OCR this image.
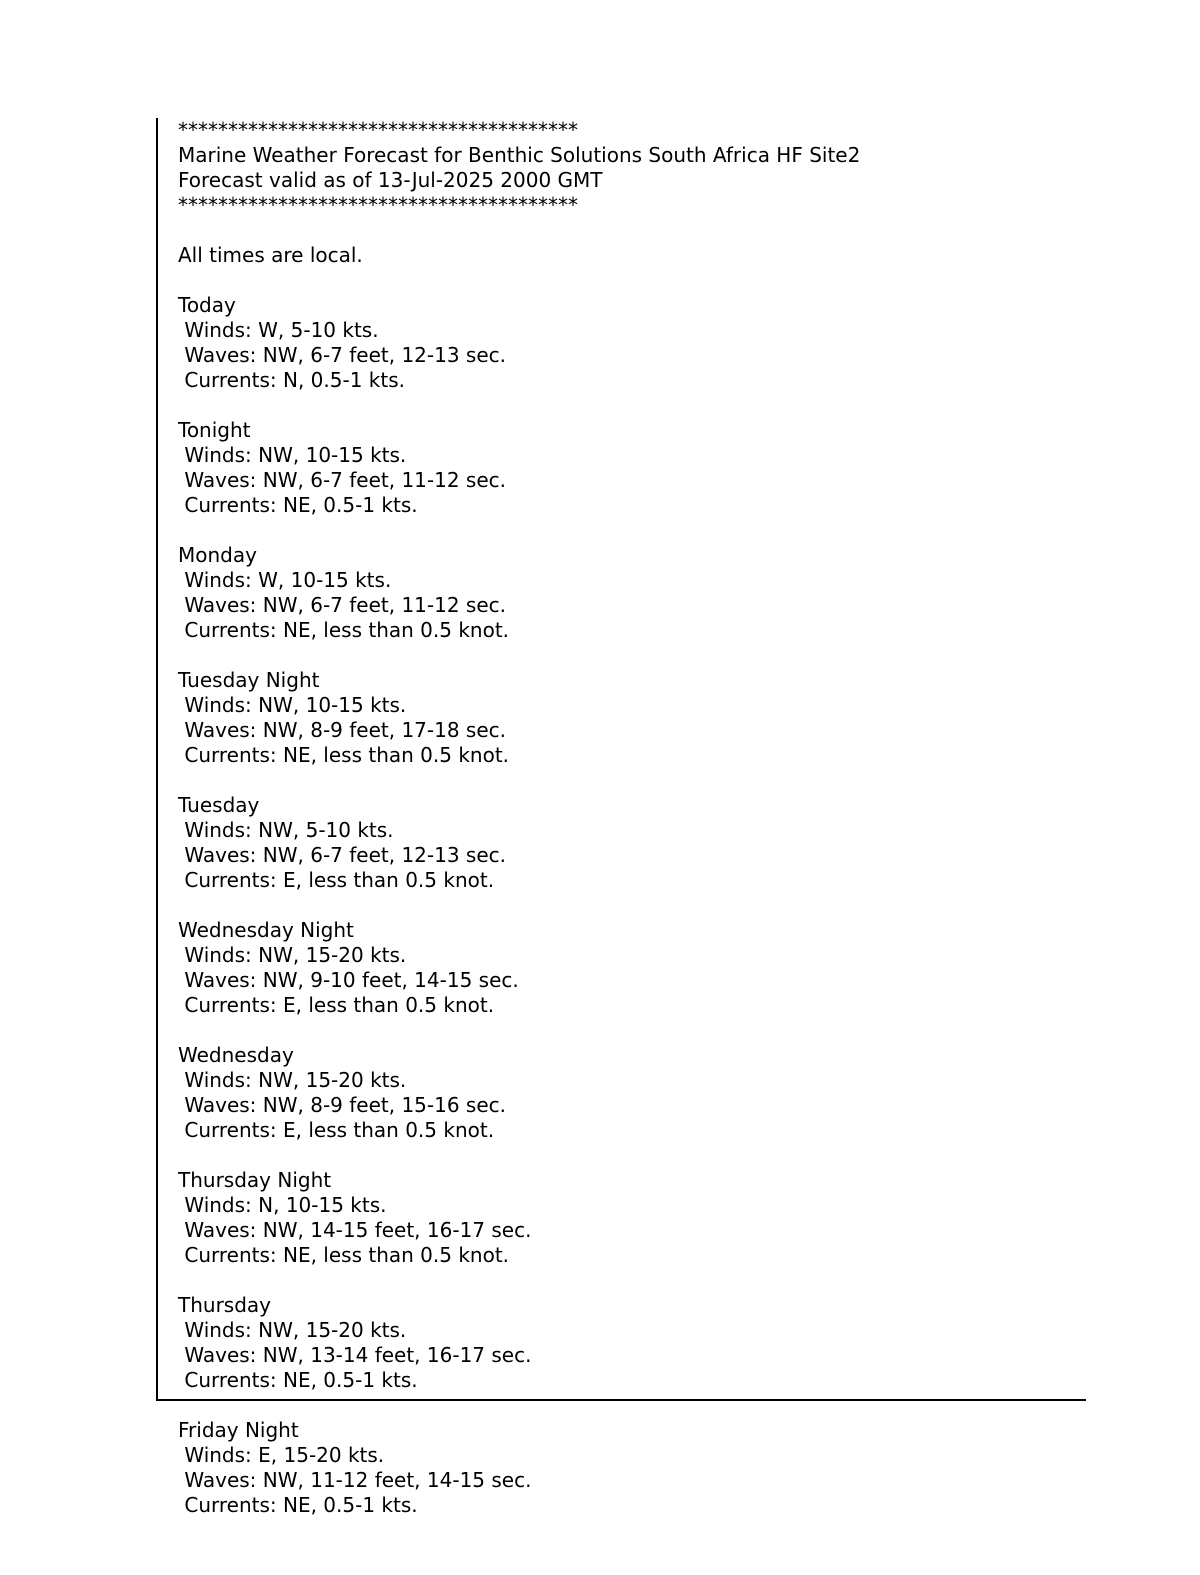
****************************************
Marine Weather Forecast for Benthic Solutions South Africa HF Site2
Forecast valid as of 13-Jul-2025 2000 GMT
****************************************
All times are local.
Today
Winds: W, 5-10 kts.
Waves: NW, 6-7 feet, 12-13 sec.
Currents: N, 0.5-1 kts.
Tonight
Winds: NW, 10-15 kts.
Waves: NW, 6-7 feet, 11-12 sec.
Currents: NE, 0.5-1 kts.
Monday
Winds: W, 10-15 kts.
Waves: NW, 6-7 feet, 11-12 sec.
Currents: NE, less than 0.5 knot.
Tuesday Night
Winds: NW, 10-15 kts.
Waves: NW, 8-9 feet, 17-18 sec.
Currents: NE, less than 0.5 knot.
Tuesday
Winds: NW, 5-10 kts.
Waves: NW, 6-7 feet, 12-13 sec.
Currents: E, less than 0.5 knot.
Wednesday Night
Winds: NW, 15-20 kts.
Waves: NW, 9-10 feet, 14-15 sec.
Currents: E, less than 0.5 knot.
Wednesday
Winds: NW, 15-20 kts.
Waves: NW, 8-9 feet, 15-16 sec.
Currents: E, less than 0.5 knot.
Thursday Night
Winds: N, 10-15 kts.
Waves: NW, 14-15 feet, 16-17 sec.
Currents: NE, less than 0.5 knot.
Thursday
Winds: NW, 15-20 kts.
Waves: NW, 13-14 feet, 16-17 sec.
Currents: NE, 0.5-1 kts.
Friday Night
Winds: E, 15-20 kts.
Waves: NW, 11-12 feet, 14-15 sec.
Currents: NE, 0.5-1 kts.
